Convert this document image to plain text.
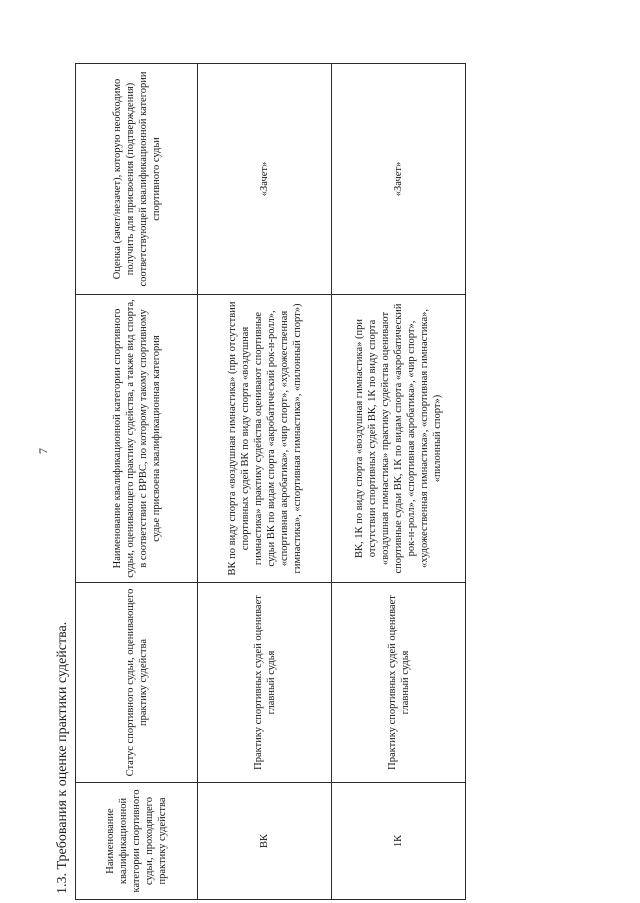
7
1.3. Требования к оценке практики судейства.	Наименование квалификационной категории спортивного судьи, проходящего практику судейства	Статус спортивного судьи, оценивающего практику судейства	Наименование квалификационной категории спортивного судьи, оценивающего практику судейства, а также вид спорта, в соответствии с ВРВС, по которому такому спортивному судье присвоена квалификационная категория	Оценка (зачет/незачет), которую необходимо получить для присвоения (подтверждения) соответствующей квалификационной категории спортивного судьи
ВК	Практику спортивных судей оценивает главный судья	ВК по виду спорта «воздушная гимнастика» (при отсутствии спортивных судей ВК по виду спорта «воздушная гимнастика» практику судейства оценивают спортивные судьи ВК по видам спорта «акробатический рок-н-ролл», «спортивная акробатика», «чир спорт», «художественная гимнастика», «спортивная гимнастика», «пилонный спорт»)	«Зачет»
1К	Практику спортивных судей оценивает главный судья	ВК, 1К по виду спорта «воздушная гимнастика» (при отсутствии спортивных судей ВК, 1К по виду спорта «воздушная гимнастика» практику судейства оценивают спортивные судьи ВК, 1К по видам спорта «акробатический рок-н-ролл», «спортивная акробатика», «чир спорт», «художественная гимнастика», «спортивная гимнастика», «пилонный спорт»)	«Зачет»
